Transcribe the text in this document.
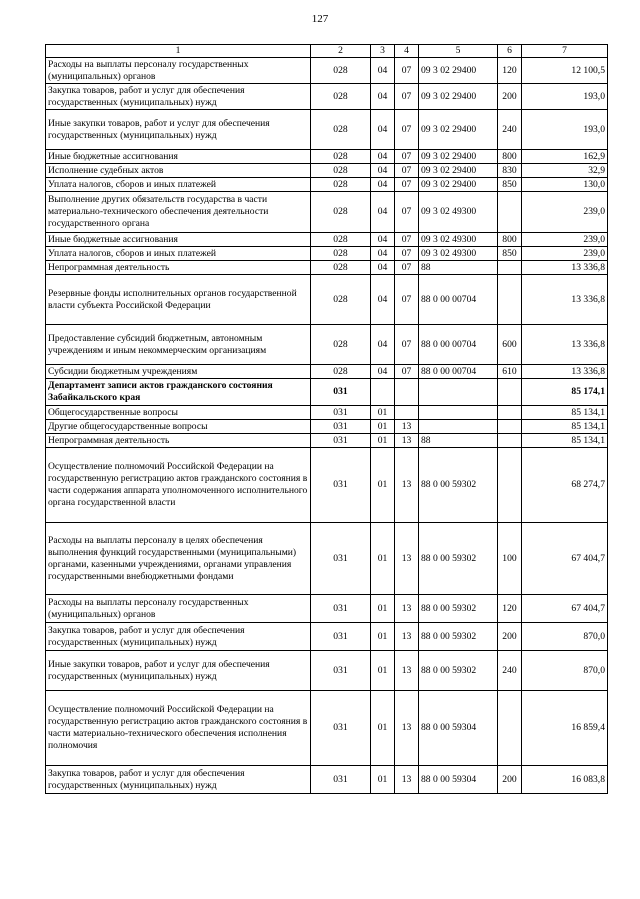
127
1	2	3	4	5	6	7
Расходы на выплаты персоналу государственных (муниципальных) органов	028	04	07	09 3 02 29400	120	12 100,5
Закупка товаров, работ и услуг для обеспечения государственных (муниципальных) нужд	028	04	07	09 3 02 29400	200	193,0
Иные закупки товаров, работ и услуг для обеспечения государственных (муниципальных) нужд	028	04	07	09 3 02 29400	240	193,0
Иные бюджетные ассигнования	028	04	07	09 3 02 29400	800	162,9
Исполнение судебных актов	028	04	07	09 3 02 29400	830	32,9
Уплата налогов, сборов и иных платежей	028	04	07	09 3 02 29400	850	130,0
Выполнение других обязательств государства в части материально-технического обеспечения деятельности государственного органа	028	04	07	09 3 02 49300		239,0
Иные бюджетные ассигнования	028	04	07	09 3 02 49300	800	239,0
Уплата налогов, сборов и иных платежей	028	04	07	09 3 02 49300	850	239,0
Непрограммная деятельность	028	04	07	88		13 336,8
Резервные фонды исполнительных органов государственной власти субъекта Российской Федерации	028	04	07	88 0 00 00704		13 336,8
Предоставление субсидий бюджетным, автономным учреждениям и иным некоммерческим организациям	028	04	07	88 0 00 00704	600	13 336,8
Субсидии бюджетным учреждениям	028	04	07	88 0 00 00704	610	13 336,8
Департамент записи актов гражданского состояния Забайкальского края	031					85 174,1
Общегосударственные вопросы	031	01				85 134,1
Другие общегосударственные вопросы	031	01	13			85 134,1
Непрограммная деятельность	031	01	13	88		85 134,1
Осуществление полномочий Российской Федерации на государственную регистрацию актов гражданского состояния в части содержания аппарата уполномоченного исполнительного органа государственной власти	031	01	13	88 0 00 59302		68 274,7
Расходы на выплаты персоналу в целях обеспечения выполнения функций государственными (муниципальными) органами, казенными учреждениями, органами управления государственными внебюджетными фондами	031	01	13	88 0 00 59302	100	67 404,7
Расходы на выплаты персоналу государственных (муниципальных) органов	031	01	13	88 0 00 59302	120	67 404,7
Закупка товаров, работ и услуг для обеспечения государственных (муниципальных) нужд	031	01	13	88 0 00 59302	200	870,0
Иные закупки товаров, работ и услуг для обеспечения государственных (муниципальных) нужд	031	01	13	88 0 00 59302	240	870,0
Осуществление полномочий Российской Федерации на государственную регистрацию актов гражданского состояния в части материально-технического обеспечения исполнения полномочия	031	01	13	88 0 00 59304		16 859,4
Закупка товаров, работ и услуг для обеспечения государственных (муниципальных) нужд	031	01	13	88 0 00 59304	200	16 083,8
